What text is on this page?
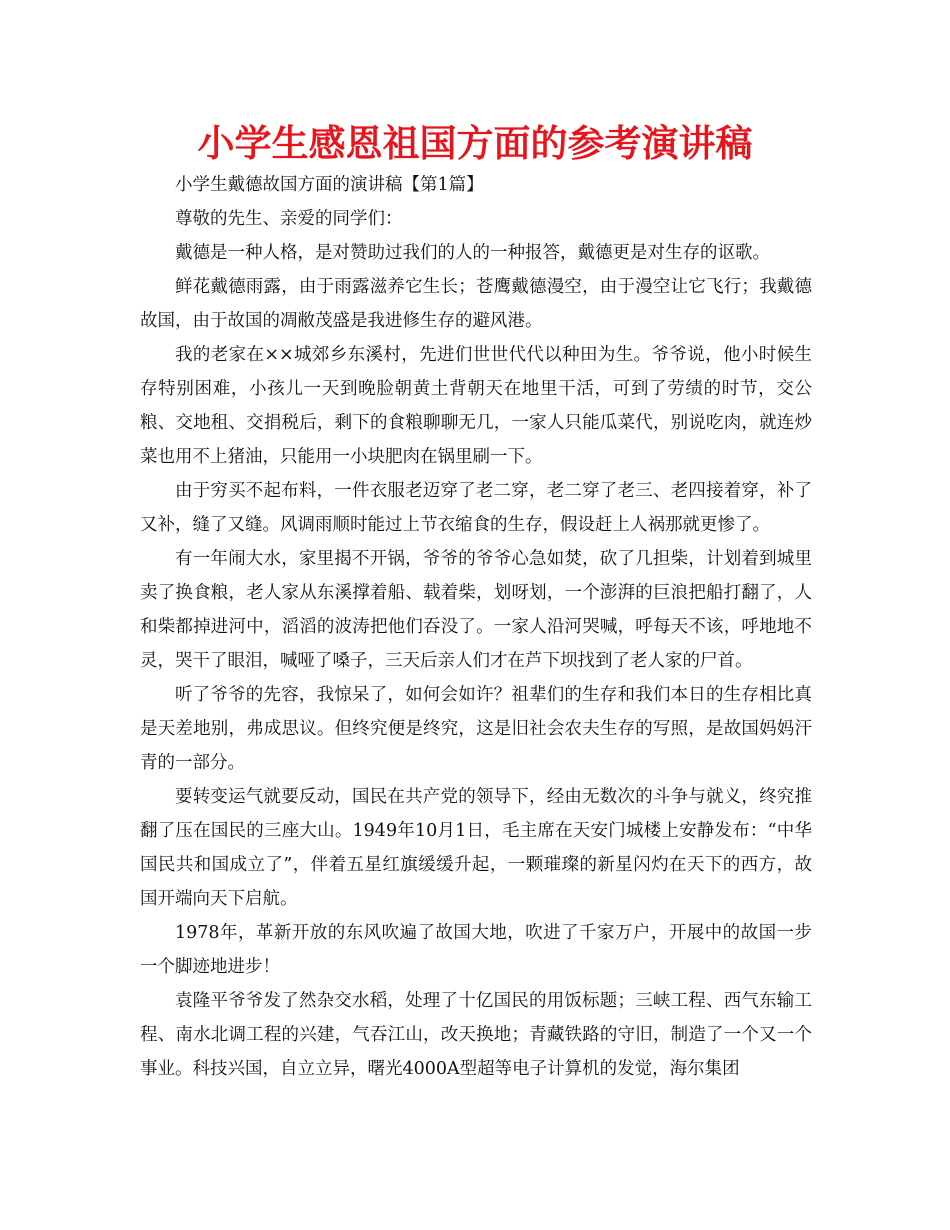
小学生感恩祖国方面的参考演讲稿

小学生戴德故国方面的演讲稿【第1篇】

尊敬的先生、亲爱的同学们：

戴德是一种人格，是对赞助过我们的人的一种报答，戴德更是对生存的讴歌。

鲜花戴德雨露，由于雨露滋养它生长；苍鹰戴德漫空，由于漫空让它飞行；我戴德故国，由于故国的凋敝茂盛是我进修生存的避风港。

我的老家在××城郊乡东溪村，先进们世世代代以种田为生。爷爷说，他小时候生存特别困难，小孩儿一天到晚脸朝黄土背朝天在地里干活，可到了劳绩的时节，交公粮、交地租、交捐税后，剩下的食粮聊聊无几，一家人只能瓜菜代，别说吃肉，就连炒菜也用不上猪油，只能用一小块肥肉在锅里刷一下。

由于穷买不起布料，一件衣服老迈穿了老二穿，老二穿了老三、老四接着穿，补了又补，缝了又缝。风调雨顺时能过上节衣缩食的生存，假设赶上人祸那就更惨了。

有一年闹大水，家里揭不开锅，爷爷的爷爷心急如焚，砍了几担柴，计划着到城里卖了换食粮，老人家从东溪撑着船、载着柴，划呀划，一个澎湃的巨浪把船打翻了，人和柴都掉进河中，滔滔的波涛把他们吞没了。一家人沿河哭喊，呼每天不该，呼地地不灵，哭干了眼泪，喊哑了嗓子，三天后亲人们才在芦下坝找到了老人家的尸首。

听了爷爷的先容，我惊呆了，如何会如许？祖辈们的生存和我们本日的生存相比真是天差地别，弗成思议。但终究便是终究，这是旧社会农夫生存的写照，是故国妈妈汗青的一部分。

要转变运气就要反动，国民在共产党的领导下，经由无数次的斗争与就义，终究推翻了压在国民的三座大山。1949年10月1日，毛主席在天安门城楼上安静发布：“中华国民共和国成立了”，伴着五星红旗缓缓升起，一颗璀璨的新星闪灼在天下的西方，故国开端向天下启航。

1978年，革新开放的东风吹遍了故国大地，吹进了千家万户，开展中的故国一步一个脚迹地进步！

袁隆平爷爷发了然杂交水稻，处理了十亿国民的用饭标题；三峡工程、西气东输工程、南水北调工程的兴建，气吞江山，改天换地；青藏铁路的守旧，制造了一个又一个事业。科技兴国，自立立异，曙光4000A型超等电子计算机的发觉，海尔集团
